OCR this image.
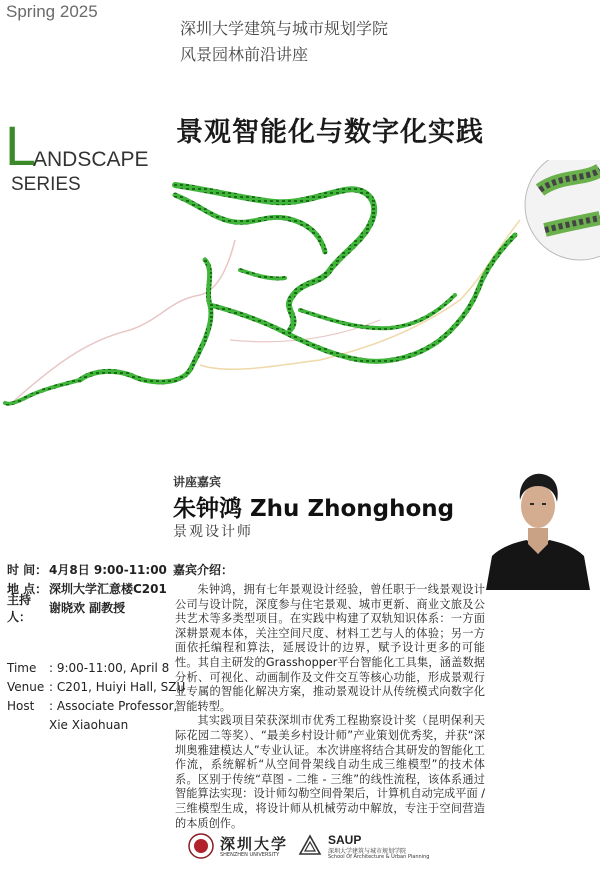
Spring 2025
深圳大学建筑与城市规划学院
风景园林前沿讲座
L
ANDSCAPE
SERIES
景观智能化与数字化实践
讲座嘉宾
朱钟鸿 Zhu Zhonghong
景观设计师
时 间： 4月8日 9:00-11:00
地 点： 深圳大学汇意楼C201
主持人：
谢晓欢 副教授
Time	: 9:00-11:00, April 8
Venue : C201, Huiyi Hall, SZU
Host	: Associate Professor,
Xie Xiaohuan
嘉宾介绍：

朱钟鸿，拥有七年景观设计经验，曾任职于一线景观设计公司与设计院，深度参与住宅景观、城市更新、商业文旅及公共艺术等多类型项目。在实践中构建了双轨知识体系：一方面深耕景观本体，关注空间尺度、材料工艺与人的体验；另一方面依托编程和算法，延展设计的边界，赋予设计更多的可能性。其自主研发的Grasshopper平台智能化工具集，涵盖数据分析、可视化、动画制作及文件交互等核心功能，形成景观行业专属的智能化解决方案，推动景观设计从传统模式向数字化智能转型。

其实践项目荣获深圳市优秀工程勘察设计奖（昆明保利天际花园二等奖）、“最美乡村设计师”产业策划优秀奖，并获“深圳奥雅建模达人”专业认证。本次讲座将结合其研发的智能化工作流，系统解析“从空间骨架线自动生成三维模型”的技术体系。区别于传统“草图 - 二维 - 三维”的线性流程，该体系通过智能算法实现：设计师勾勒空间骨架后，计算机自动完成平面 / 三维模型生成，将设计师从机械劳动中解放，专注于空间营造的本质创作。

深圳大学
SHENZHEN UNIVERSITY
SAUP
深圳大学建筑与城市规划学院
School Of Architecture & Urban Planning
